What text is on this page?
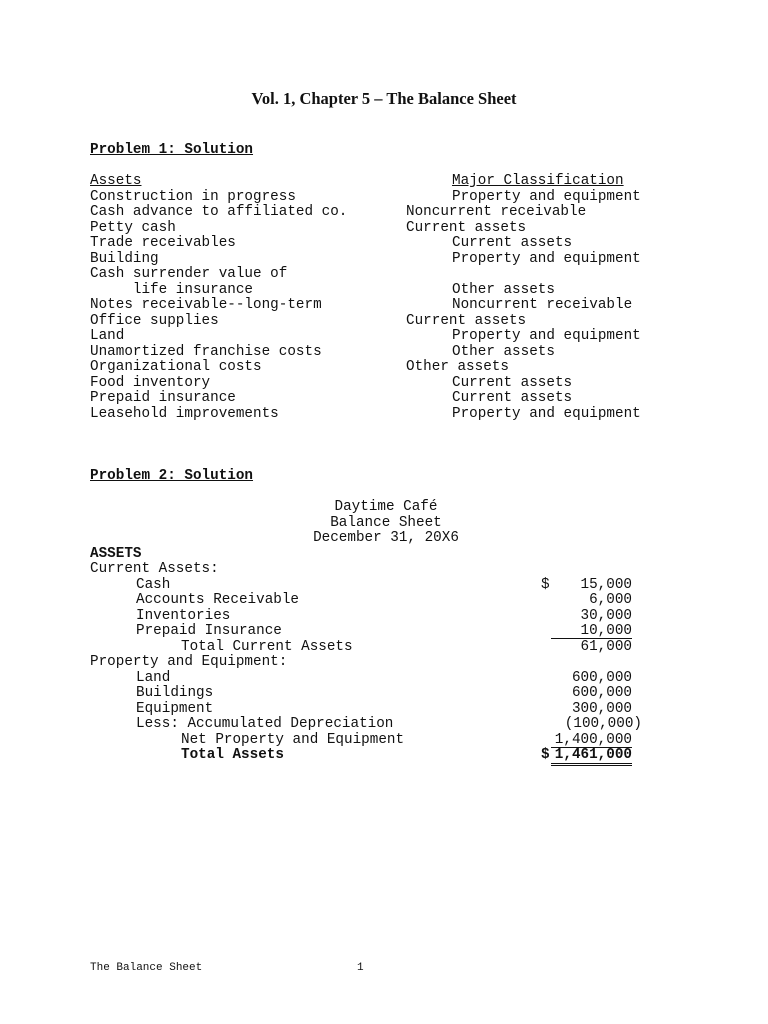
Vol. 1, Chapter 5 – The Balance Sheet
Problem 1: Solution
Assets	Major Classification
Construction in progress	Property and equipment
Cash advance to affiliated co.	Noncurrent receivable
Petty cash	Current assets
Trade receivables	Current assets
Building	Property and equipment
Cash surrender value of
life insurance	Other assets
Notes receivable--long-term	Noncurrent receivable
Office supplies	Current assets
Land	Property and equipment
Unamortized franchise costs	Other assets
Organizational costs	Other assets
Food inventory	Current assets
Prepaid insurance	Current assets
Leasehold improvements	Property and equipment
Problem 2: Solution
Daytime Café
Balance Sheet
December 31, 20X6
ASSETS
Current Assets:
Cash	$	15,000
Accounts Receivable	6,000
Inventories	30,000
Prepaid Insurance	10,000
Total Current Assets	61,000
Property and Equipment:
Land	600,000
Buildings	600,000
Equipment	300,000
Less: Accumulated Depreciation	(100,000)
Net Property and Equipment	1,400,000
Total Assets	$ 1,461,000
The Balance Sheet	1
